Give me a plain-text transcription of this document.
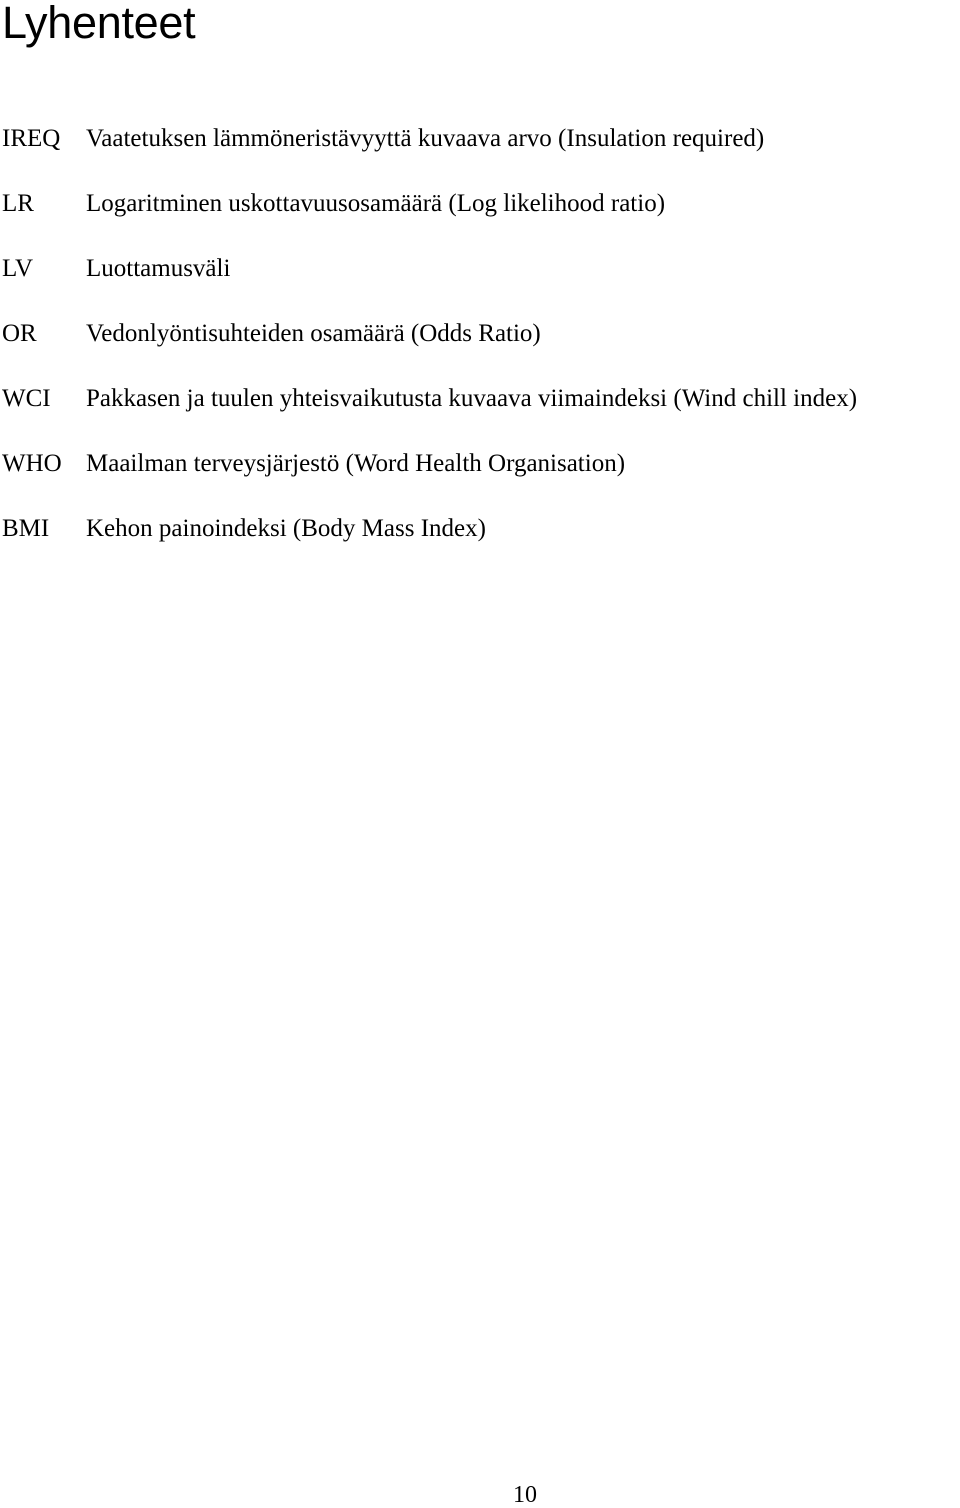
Lyhenteet
IREQ	Vaatetuksen lämmöneristävyyttä kuvaava arvo (Insulation required)
LR	Logaritminen uskottavuusosamäärä (Log likelihood ratio)
LV	Luottamusväli
OR	Vedonlyöntisuhteiden osamäärä (Odds Ratio)
WCI	Pakkasen ja tuulen yhteisvaikutusta kuvaava viimaindeksi (Wind chill index)
WHO Maailman terveysjärjestö (Word Health Organisation)
BMI	Kehon painoindeksi (Body Mass Index)
10
